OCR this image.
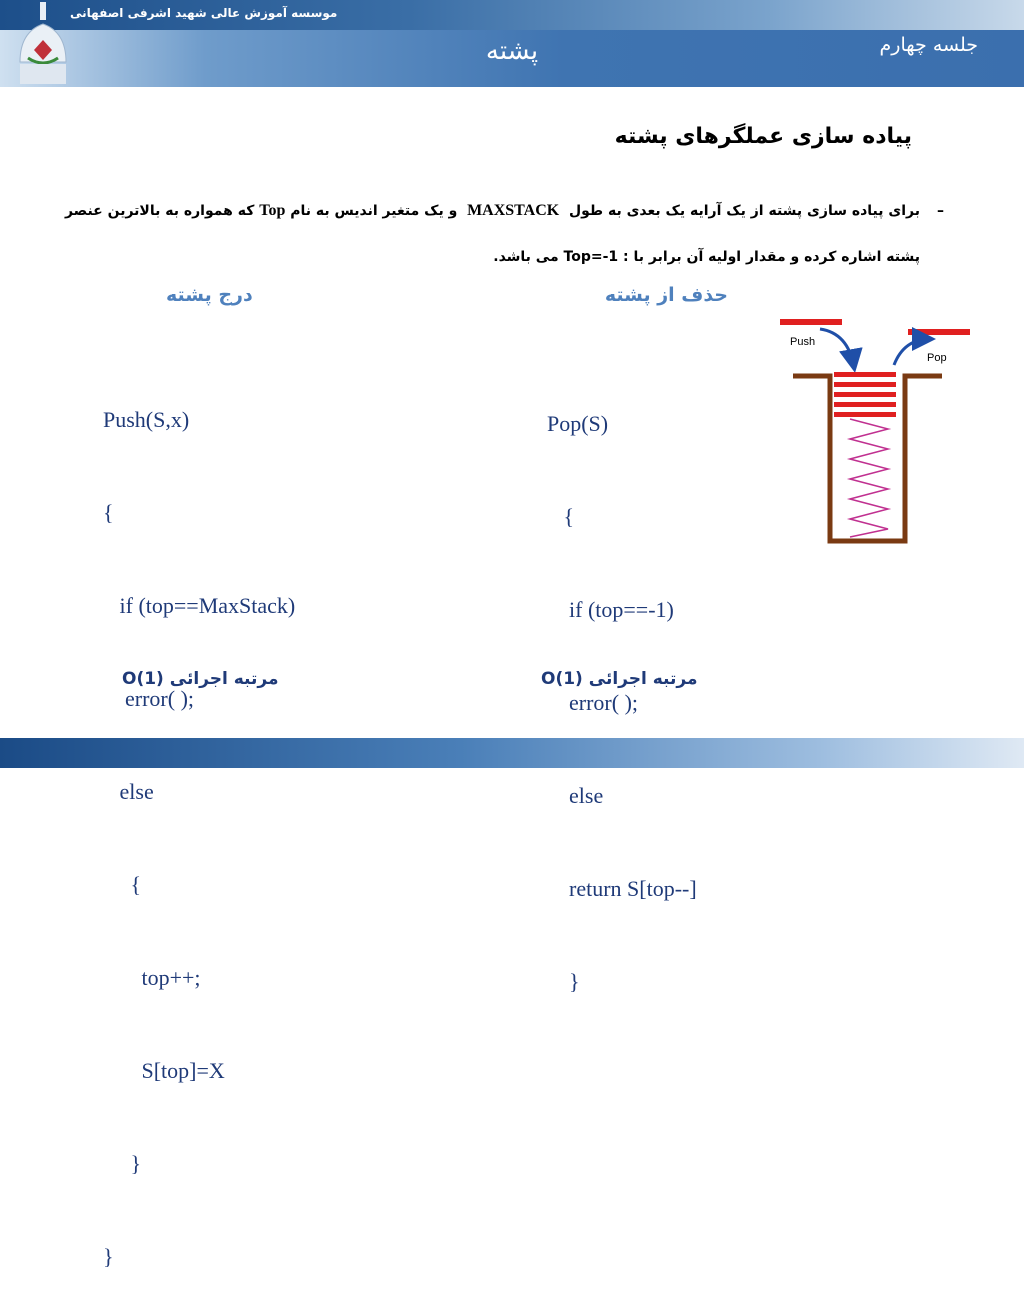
موسسه آموزش عالی شهید اشرفی اصفهانی
پشته	جلسه چهارم
پیاده سازی عملگرهای پشته
–
برای پیاده سازی پشته از یک آرایه یک بعدی به طول  MAXSTACK  و یک متغیر اندیس به نام Top که همواره به بالاترین عنصر پشته اشاره کرده و مقدار اولیه آن برابر با : Top=-1 می باشد.
حذف از پشته
درج پشته

Push(S,x)

{

if (top==MaxStack)

error( );

else

{

top++;

S[top]=X

}

}

Pop(S)

{

if (top==-1)

error( );

else

return S[top--]

}

O(1) مرتبه اجرائی	O(1) مرتبه اجرائی
Push
Pop
